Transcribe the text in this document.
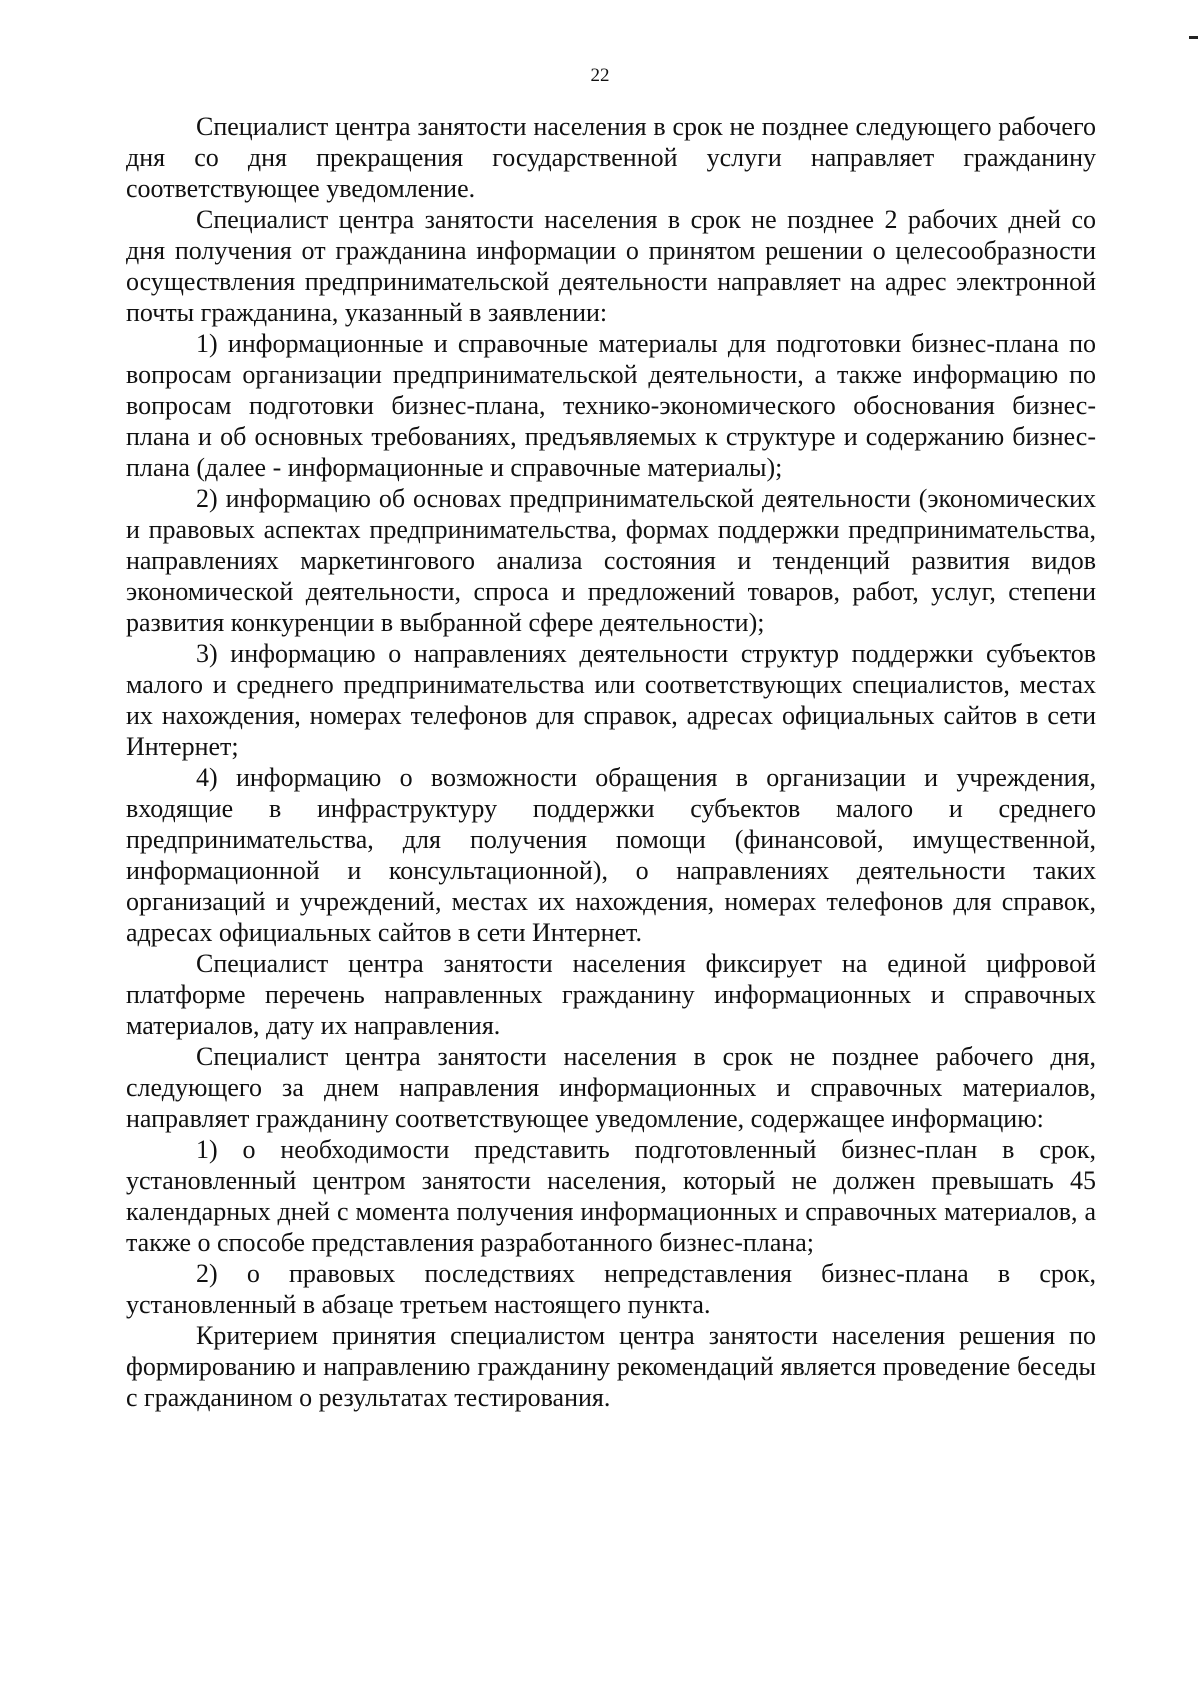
22

Специалист центра занятости населения в срок не позднее следующего рабочего дня со дня прекращения государственной услуги направляет гражданину соответствующее уведомление.

Специалист центра занятости населения в срок не позднее 2 рабочих дней со дня получения от гражданина информации о принятом решении о целесообразности осуществления предпринимательской деятельности направляет на адрес электронной почты гражданина, указанный в заявлении:

1) информационные и справочные материалы для подготовки бизнес-плана по вопросам организации предпринимательской деятельности, а также информацию по вопросам подготовки бизнес-плана, технико-экономического обоснования бизнес-плана и об основных требованиях, предъявляемых к структуре и содержанию бизнес-плана (далее - информационные и справочные материалы);

2) информацию об основах предпринимательской деятельности (экономических и правовых аспектах предпринимательства, формах поддержки предпринимательства, направлениях маркетингового анализа состояния и тенденций развития видов экономической деятельности, спроса и предложений товаров, работ, услуг, степени развития конкуренции в выбранной сфере деятельности);

3) информацию о направлениях деятельности структур поддержки субъектов малого и среднего предпринимательства или соответствующих специалистов, местах их нахождения, номерах телефонов для справок, адресах официальных сайтов в сети Интернет;

4) информацию о возможности обращения в организации и учреждения, входящие в инфраструктуру поддержки субъектов малого и среднего предпринимательства, для получения помощи (финансовой, имущественной, информационной и консультационной), о направлениях деятельности таких организаций и учреждений, местах их нахождения, номерах телефонов для справок, адресах официальных сайтов в сети Интернет.

Специалист центра занятости населения фиксирует на единой цифровой платформе перечень направленных гражданину информационных и справочных материалов, дату их направления.

Специалист центра занятости населения в срок не позднее рабочего дня, следующего за днем направления информационных и справочных материалов, направляет гражданину соответствующее уведомление, содержащее информацию:

1) о необходимости представить подготовленный бизнес-план в срок, установленный центром занятости населения, который не должен превышать 45 календарных дней с момента получения информационных и справочных материалов, а также о способе представления разработанного бизнес-плана;

2) о правовых последствиях непредставления бизнес-плана в срок, установленный в абзаце третьем настоящего пункта.

Критерием принятия специалистом центра занятости населения решения по формированию и направлению гражданину рекомендаций является проведение беседы с гражданином о результатах тестирования.
